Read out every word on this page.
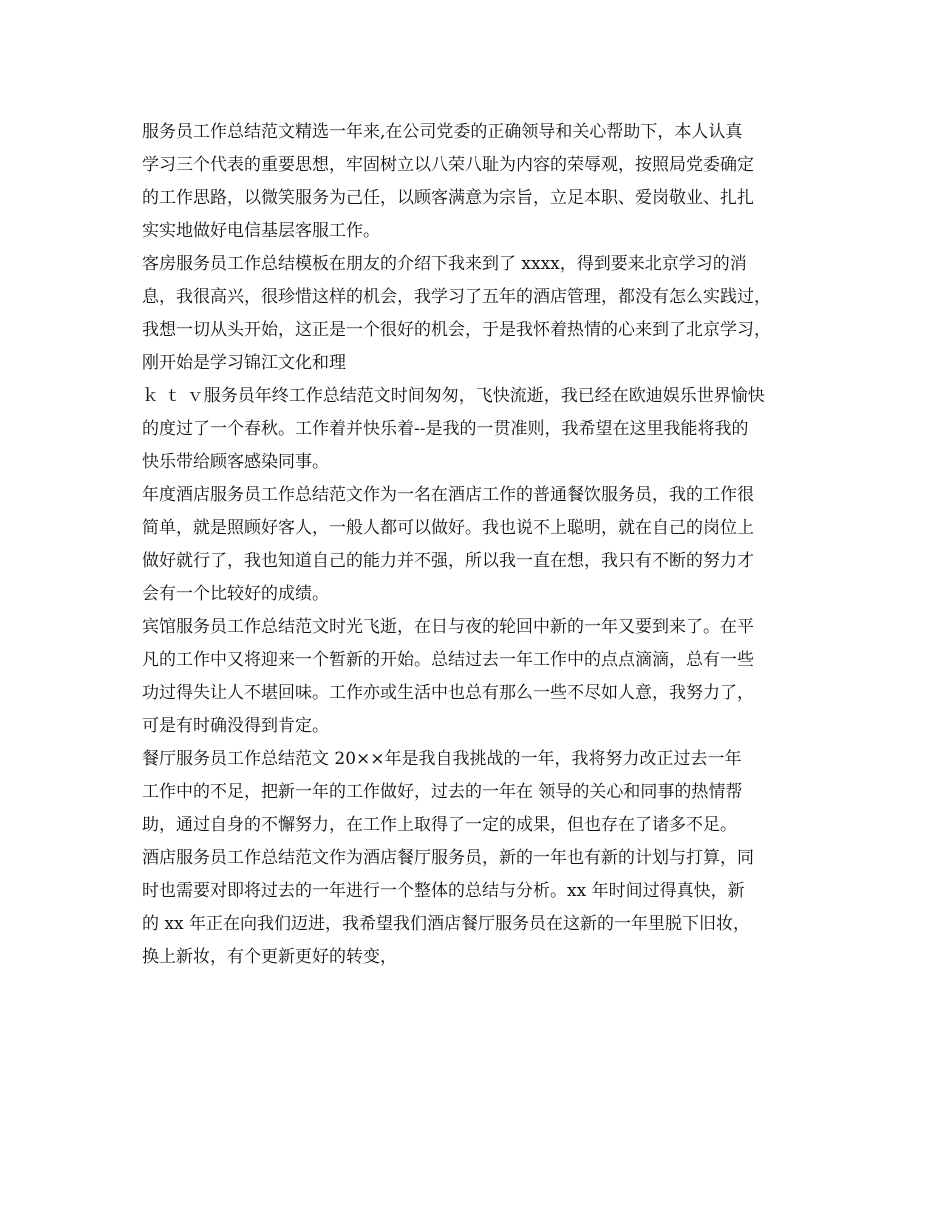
服务员工作总结范文精选一年来,在公司党委的正确领导和关心帮助下，本人认真
学习三个代表的重要思想，牢固树立以八荣八耻为内容的荣辱观，按照局党委确定
的工作思路，以微笑服务为己任，以顾客满意为宗旨，立足本职、爱岗敬业、扎扎
实实地做好电信基层客服工作。
客房服务员工作总结模板在朋友的介绍下我来到了 xxxx，得到要来北京学习的消
息，我很高兴，很珍惜这样的机会，我学习了五年的酒店管理，都没有怎么实践过，
我想一切从头开始，这正是一个很好的机会，于是我怀着热情的心来到了北京学习，
刚开始是学习锦江文化和理
ｋ ｔ ｖ服务员年终工作总结范文时间匆匆，飞快流逝，我已经在欧迪娱乐世界愉快
的度过了一个春秋。工作着并快乐着--是我的一贯准则，我希望在这里我能将我的
快乐带给顾客感染同事。
年度酒店服务员工作总结范文作为一名在酒店工作的普通餐饮服务员，我的工作很
简单，就是照顾好客人，一般人都可以做好。我也说不上聪明，就在自己的岗位上
做好就行了，我也知道自己的能力并不强，所以我一直在想，我只有不断的努力才
会有一个比较好的成绩。
宾馆服务员工作总结范文时光飞逝，在日与夜的轮回中新的一年又要到来了。在平
凡的工作中又将迎来一个暂新的开始。总结过去一年工作中的点点滴滴，总有一些
功过得失让人不堪回味。工作亦或生活中也总有那么一些不尽如人意，我努力了，
可是有时确没得到肯定。
餐厅服务员工作总结范文 20××年是我自我挑战的一年，我将努力改正过去一年
工作中的不足，把新一年的工作做好，过去的一年在 领导的关心和同事的热情帮
助，通过自身的不懈努力，在工作上取得了一定的成果，但也存在了诸多不足。
酒店服务员工作总结范文作为酒店餐厅服务员，新的一年也有新的计划与打算，同
时也需要对即将过去的一年进行一个整体的总结与分析。xx 年时间过得真快，新
的 xx 年正在向我们迈进，我希望我们酒店餐厅服务员在这新的一年里脱下旧妆，
换上新妆，有个更新更好的转变，
